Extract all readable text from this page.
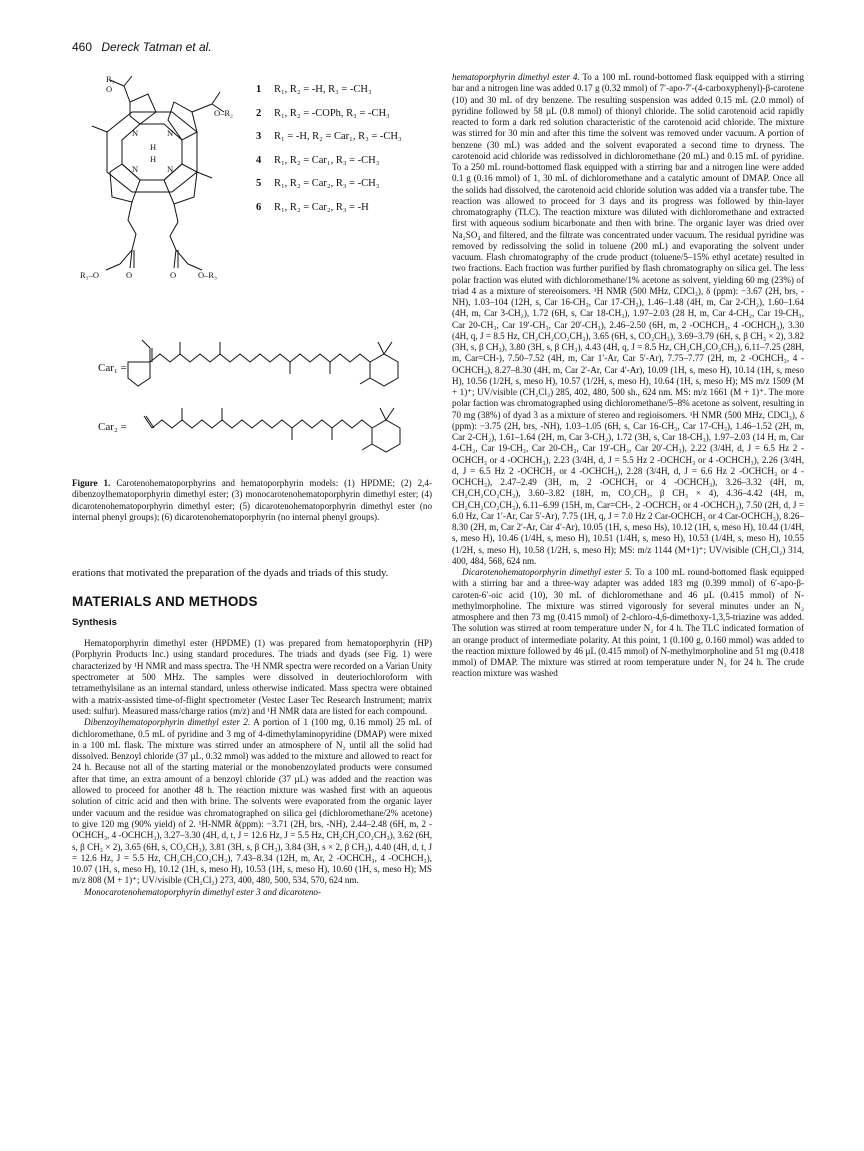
460 Dereck Tatman et al.
R₁
O
O–R₂
N	N
N	N
H
H
R₃–O	O	O	O–R₃
1 R₁, R₂ = -H, R₃ = -CH₃
2 R₁, R₂ = -COPh, R₃ = -CH₃
3 R₁ = -H, R₂ = Car₁, R₃ = -CH₃
4 R₁, R₂ = Car₁, R₃ = -CH₃
5 R₁, R₂ = Car₂, R₃ = -CH₃
6 R₁, R₂ = Car₂, R₃ = -H
Car₁ =
Car₂ =

Figure 1. Carotenohematoporphyrins and hematoporphyrin models: (1) HPDME; (2) 2,4-dibenzoylhematoporphyrin dimethyl ester; (3) monocarotenohematoporphyrin dimethyl ester; (4) dicarotenohematoporphyrin dimethyl ester; (5) dicarotenohematoporphyrin dimethyl ester (no internal phenyl groups); (6) dicarotenohematoporphyrin (no internal phenyl groups).

erations that motivated the preparation of the dyads and triads of this study.

MATERIALS AND METHODS
Synthesis

Hematoporphyrin dimethyl ester (HPDME) (1) was prepared from hematoporphyrin (HP) (Porphyrin Products Inc.) using standard procedures. The triads and dyads (see Fig. 1) were characterized by ¹H NMR and mass spectra. The ¹H NMR spectra were recorded on a Varian Unity spectrometer at 500 MHz. The samples were dissolved in deuteriochloroform with tetramethylsilane as an internal standard, unless otherwise indicated. Mass spectra were obtained with a matrix-assisted time-of-flight spectrometer (Vestec Laser Tec Research Instrument; matrix used: sulfur). Measured mass/charge ratios (m/z) and ¹H NMR data are listed for each compound.

Dibenzoylhematoporphyrin dimethyl ester 2. A portion of 1 (100 mg, 0.16 mmol) 25 mL of dichloromethane, 0.5 mL of pyridine and 3 mg of 4-dimethylaminopyridine (DMAP) were mixed in a 100 mL flask. The mixture was stirred under an atmosphere of N₂ until all the solid had dissolved. Benzoyl chloride (37 µL, 0.32 mmol) was added to the mixture and allowed to react for 24 h. Because not all of the starting material or the monobenzoylated products were consumed after that time, an extra amount of a benzoyl chloride (37 µL) was added and the reaction was allowed to proceed for another 48 h. The reaction mixture was washed first with an aqueous solution of citric acid and then with brine. The solvents were evaporated from the organic layer under vacuum and the residue was chromatographed on silica gel (dichloromethane/2% acetone) to give 120 mg (90% yield) of 2. ¹H-NMR δ(ppm): −3.71 (2H, brs, -NH), 2.44–2.48 (6H, m, 2 -OCHCH₃, 4 -OCHCH₃), 3.27–3.30 (4H, d, t, J = 12.6 Hz, J = 5.5 Hz, CH₂CH₂CO₂CH₃), 3.62 (6H, s, β CH₃ × 2), 3.65 (6H, s, CO₂CH₃), 3.81 (3H, s, β CH₃), 3.84 (3H, s × 2, β CH₃), 4.40 (4H, d, t, J = 12.6 Hz, J = 5.5 Hz, CH₂CH₂CO₂CH₃), 7.43–8.34 (12H, m, Ar, 2 -OCHCH₃, 4 -OCHCH₃), 10.07 (1H, s, meso H), 10.12 (1H, s, meso H), 10.53 (1H, s, meso H), 10.60 (1H, s, meso H); MS m/z 808 (M + 1)⁺; UV/visible (CH₂Cl₂) 273, 400, 480, 500, 534, 570, 624 nm.

Monocarotenohematoporphyrin dimethyl ester 3 and dicaroteno-

hematoporphyrin dimethyl ester 4. To a 100 mL round-bottomed flask equipped with a stirring bar and a nitrogen line was added 0.17 g (0.32 mmol) of 7′-apo-7′-(4-carboxyphenyl)-β-carotene (10) and 30 mL of dry benzene. The resulting suspension was added 0.15 mL (2.0 mmol) of pyridine followed by 58 µL (0.8 mmol) of thionyl chloride. The solid carotenoid acid rapidly reacted to form a dark red solution characteristic of the carotenoid acid chloride. The mixture was stirred for 30 min and after this time the solvent was removed under vacuum. A portion of benzene (30 mL) was added and the solvent evaporated a second time to dryness. The carotenoid acid chloride was redissolved in dichloromethane (20 mL) and 0.15 mL of pyridine. To a 250 mL round-bottomed flask equipped with a stirring bar and a nitrogen line were added 0.1 g (0.16 mmol) of 1, 30 mL of dichloromethane and a catalytic amount of DMAP. Once all the solids had dissolved, the carotenoid acid chloride solution was added via a transfer tube. The reaction was allowed to proceed for 3 days and its progress was followed by thin-layer chromatography (TLC). The reaction mixture was diluted with dichloromethane and extracted first with aqueous sodium bicarbonate and then with brine. The organic layer was dried over Na₂SO₄ and filtered, and the filtrate was concentrated under vacuum. The residual pyridine was removed by redissolving the solid in toluene (200 mL) and evaporating the solvent under vacuum. Flash chromatography of the crude product (toluene/5–15% ethyl acetate) resulted in two fractions. Each fraction was further purified by flash chromatography on silica gel. The less polar fraction was eluted with dichloromethane/1% acetone as solvent, yielding 60 mg (23%) of triad 4 as a mixture of stereoisomers. ¹H NMR (500 MHz, CDCl₃), δ (ppm): −3.67 (2H, brs, -NH), 1.03–104 (12H, s, Car 16-CH₃, Car 17-CH₃), 1.46–1.48 (4H, m, Car 2-CH₂), 1.60–1.64 (4H, m, Car 3-CH₂), 1.72 (6H, s, Car 18-CH₃), 1.97–2.03 (28 H, m, Car 4-CH₂, Car 19-CH₃, Car 20-CH₃, Car 19′-CH₃, Car 20′-CH₃), 2.46–2.50 (6H, m, 2 -OCHCH₃, 4 -OCHCH₃), 3.30 (4H, q, J = 8.5 Hz, CH₂CH₂CO₂CH₃), 3.65 (6H, s, CO₂CH₃), 3.69–3.79 (6H, s, β CH₃ × 2), 3.82 (3H, s, β CH₃), 3.80 (3H, s, β CH₃), 4.43 (4H, q, J = 8.5 Hz, CH₂CH₂CO₂CH₃), 6.11–7.25 (28H, m, Car=CH-), 7.50–7.52 (4H, m, Car 1′-Ar, Car 5′-Ar), 7.75–7.77 (2H, m, 2 -OCHCH₃, 4 -OCHCH₃), 8.27–8.30 (4H, m, Car 2′-Ar, Car 4′-Ar), 10.09 (1H, s, meso H), 10.14 (1H, s, meso H), 10.56 (1/2H, s, meso H), 10.57 (1/2H, s, meso H), 10.64 (1H, s, meso H); MS m/z 1509 (M + 1)⁺; UV/visible (CH₂Cl₂) 285, 402, 480, 500 sh., 624 nm. MS: m/z 1661 (M + 1)⁺. The more polar faction was chromatographed using dichloromethane/5–8% acetone as solvent, resulting in 70 mg (38%) of dyad 3 as a mixture of stereo and regioisomers. ¹H NMR (500 MHz, CDCl₃), δ (ppm): −3.75 (2H, brs, -NH), 1.03–1.05 (6H, s, Car 16-CH₃, Car 17-CH₃), 1.46–1.52 (2H, m, Car 2-CH₂), 1.61–1.64 (2H, m, Car 3-CH₂), 1.72 (3H, s, Car 18-CH₃), 1.97–2.03 (14 H, m, Car 4-CH₂, Car 19-CH₃, Car 20-CH₃, Car 19′-CH₃, Car 20′-CH₃), 2.22 (3/4H, d, J = 6.5 Hz 2 -OCHCH₃ or 4 -OCHCH₃), 2.23 (3/4H, d, J = 5.5 Hz 2 -OCHCH₃ or 4 -OCHCH₃), 2.26 (3/4H, d, J = 6.5 Hz 2 -OCHCH₃ or 4 -OCHCH₃), 2.28 (3/4H, d, J = 6.6 Hz 2 -OCHCH₃ or 4 -OCHCH₃), 2.47–2.49 (3H, m, 2 -OCHCH₃ or 4 -OCHCH₃), 3.26–3.32 (4H, m, CH₂CH₂CO₂CH₃), 3.60–3.82 (18H, m, CO₂CH₃, β CH₃ × 4), 4.36–4.42 (4H, m, CH₂CH₂CO₂CH₃), 6.11–6.99 (15H, m, Car=CH-, 2 -OCHCH₃ or 4 -OCHCH₃), 7.50 (2H, d, J = 6.0 Hz, Car 1′-Ar, Car 5′-Ar), 7.75 (1H, q, J = 7.0 Hz 2 Car-OCHCH₃ or 4 Car-OCHCH₃), 8.26–8.30 (2H, m, Car 2′-Ar, Car 4′-Ar), 10.05 (1H, s, meso Hs), 10.12 (1H, s, meso H), 10.44 (1/4H, s, meso H), 10.46 (1/4H, s, meso H), 10.51 (1/4H, s, meso H), 10.53 (1/4H, s, meso H), 10.55 (1/2H, s, meso H), 10.58 (1/2H, s, meso H); MS: m/z 1144 (M+1)⁺; UV/visible (CH₂Cl₂) 314, 400, 484, 568, 624 nm.

Dicarotenohematoporphyrin dimethyl ester 5. To a 100 mL round-bottomed flask equipped with a stirring bar and a three-way adapter was added 183 mg (0.399 mmol) of 6′-apo-β-caroten-6′-oic acid (10), 30 mL of dichloromethane and 46 µL (0.415 mmol) of N-methylmorpholine. The mixture was stirred vigorously for several minutes under an N₂ atmosphere and then 73 mg (0.415 mmol) of 2-chloro-4,6-dimethoxy-1,3,5-triazine was added. The solution was stirred at room temperature under N₂ for 4 h. The TLC indicated formation of an orange product of intermediate polarity. At this point, 1 (0.100 g, 0.160 mmol) was added to the reaction mixture followed by 46 µL (0.415 mmol) of N-methylmorpholine and 51 mg (0.418 mmol) of DMAP. The mixture was stirred at room temperature under N₂ for 24 h. The crude reaction mixture was washed
